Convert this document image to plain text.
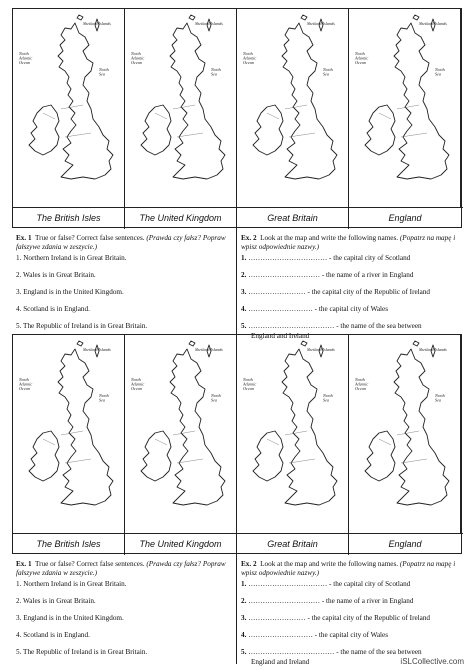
Shetland Islands
North Atlantic Ocean
North Sea
Shetland Islands
North Atlantic Ocean
North Sea
Shetland Islands
North Atlantic Ocean
North Sea
Shetland Islands
North Atlantic Ocean
North Sea
The British Isles	The United Kingdom	Great Britain	England
Ex. 1 True or false? Correct false sentences. (Prawda czy fałsz? Popraw fałszywe zdania w zeszycie.)
1. Northern Ireland is in Great Britain.
2. Wales is in Great Britain.
3. England is in the United Kingdom.
4. Scotland is in England.
5. The Republic of Ireland is in Great Britain.
Ex. 2 Look at the map and write the following names. (Popatrz na mapę i wpisz odpowiednie nazwy.)
1. …………………………… - the capital city of Scotland
2. ………………………… - the name of a river in England
3. …………………… - the capital city of the Republic of Ireland
4. ……………………… - the capital city of Wales
5. ……………………………… - the name of the sea between
England and Ireland
Shetland Islands
North Atlantic Ocean
North Sea
Shetland Islands
North Atlantic Ocean
North Sea
Shetland Islands
North Atlantic Ocean
North Sea
Shetland Islands
North Atlantic Ocean
North Sea
The British Isles	The United Kingdom	Great Britain	England
Ex. 1 True or false? Correct false sentences. (Prawda czy fałsz? Popraw fałszywe zdania w zeszycie.)
1. Northern Ireland is in Great Britain.
2. Wales is in Great Britain.
3. England is in the United Kingdom.
4. Scotland is in England.
5. The Republic of Ireland is in Great Britain.
Ex. 2 Look at the map and write the following names. (Popatrz na mapę i wpisz odpowiednie nazwy.)
1. …………………………… - the capital city of Scotland
2. ………………………… - the name of a river in England
3. …………………… - the capital city of the Republic of Ireland
4. ……………………… - the capital city of Wales
5. ……………………………… - the name of the sea between
England and Ireland	iSLCollective.com
